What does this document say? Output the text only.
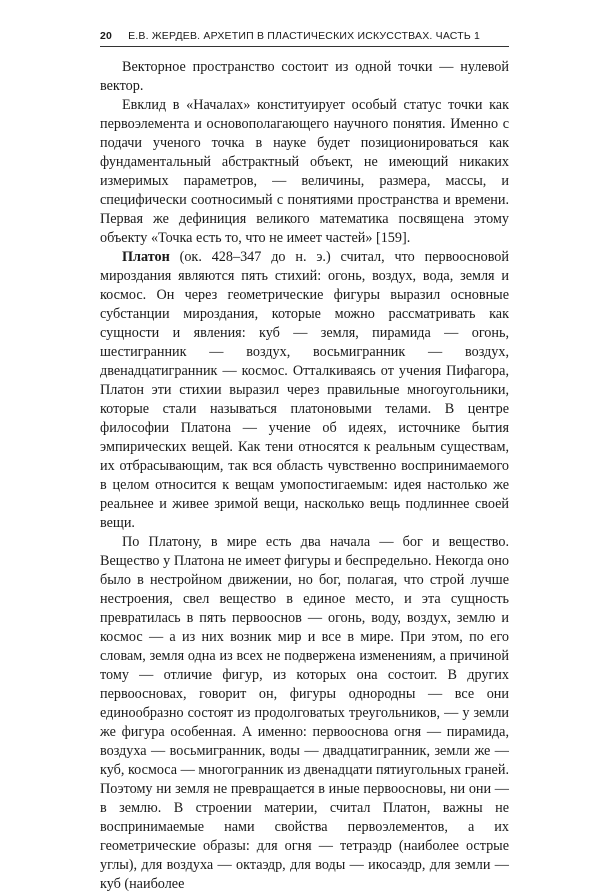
20 Е.В. ЖЕРДЕВ. АРХЕТИП В ПЛАСТИЧЕСКИХ ИСКУССТВАХ. ЧАСТЬ 1

Векторное пространство состоит из одной точки — нулевой вектор.

Евклид в «Началах» конституирует особый статус точки как первоэлемента и основополагающего научного понятия. Именно с подачи ученого точка в науке будет позиционироваться как фундаментальный абстрактный объект, не имеющий никаких измеримых параметров, — величины, размера, массы, и специфически соотносимый с понятиями пространства и времени. Первая же дефиниция великого математика посвящена этому объекту «Точка есть то, что не имеет частей» [159].

Платон (ок. 428–347 до н. э.) считал, что первоосновой мироздания являются пять стихий: огонь, воздух, вода, земля и космос. Он через геометрические фигуры выразил основные субстанции мироздания, которые можно рассматривать как сущности и явления: куб — земля, пирамида — огонь, шестигранник — воздух, восьмигранник — воздух, двенадцатигранник — космос. Отталкиваясь от учения Пифагора, Платон эти стихии выразил через правильные многоугольники, которые стали называться платоновыми телами. В центре философии Платона — учение об идеях, источнике бытия эмпирических вещей. Как тени относятся к реальным существам, их отбрасывающим, так вся область чувственно воспринимаемого в целом относится к вещам умопостигаемым: идея настолько же реальнее и живее зримой вещи, насколько вещь подлиннее своей вещи.

По Платону, в мире есть два начала — бог и вещество. Вещество у Платона не имеет фигуры и беспредельно. Некогда оно было в нестройном движении, но бог, полагая, что строй лучше нестроения, свел вещество в единое место, и эта сущность превратилась в пять первооснов — огонь, воду, воздух, землю и космос — а из них возник мир и все в мире. При этом, по его словам, земля одна из всех не подвержена изменениям, а причиной тому — отличие фигур, из которых она состоит. В других первоосновах, говорит он, фигуры однородны — все они единообразно состоят из продолговатых треугольников, — у земли же фигура особенная. А именно: первооснова огня — пирамида, воздуха — восьмигранник, воды — двадцатигранник, земли же — куб, космоса — многогранник из двенадцати пятиугольных граней. Поэтому ни земля не превращается в иные первоосновы, ни они — в землю. В строении материи, считал Платон, важны не воспринимаемые нами свойства первоэлементов, а их геометрические образы: для огня — тетраэдр (наиболее острые углы), для воздуха — октаэдр, для воды — икосаэдр, для земли — куб (наиболее
